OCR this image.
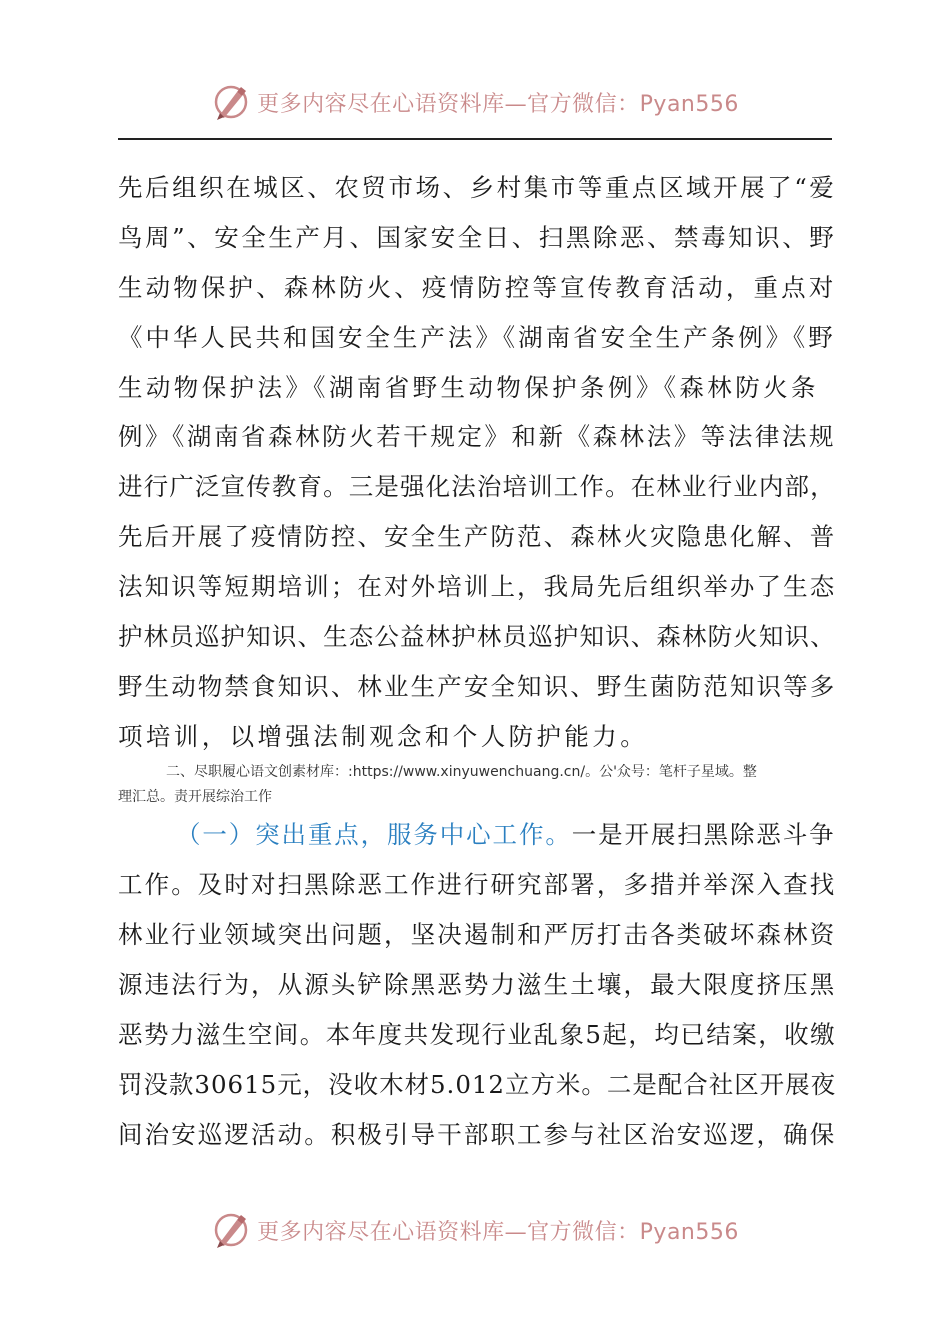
更多内容尽在心语资料库—官方微信：Pyan556
先后组织在城区、农贸市场、乡村集市等重点区域开展了“爱
鸟周”、安全生产月、国家安全日、扫黑除恶、禁毒知识、野
生动物保护、森林防火、疫情防控等宣传教育活动，重点对
《中华人民共和国安全生产法》《湖南省安全生产条例》《野
生动物保护法》《湖南省野生动物保护条例》《森林防火条
例》《湖南省森林防火若干规定》和新《森林法》等法律法规
进行广泛宣传教育。三是强化法治培训工作。在林业行业内部，
先后开展了疫情防控、安全生产防范、森林火灾隐患化解、普
法知识等短期培训；在对外培训上，我局先后组织举办了生态
护林员巡护知识、生态公益林护林员巡护知识、森林防火知识、
野生动物禁食知识、林业生产安全知识、野生菌防范知识等多
项培训，以增强法制观念和个人防护能力。
二、尽职履心语文创素材库：:https://www.xinyuwenchuang.cn/。公'众号：笔杆子星域。整
理汇总。责开展综治工作
（一）突出重点，服务中心工作。一是开展扫黑除恶斗争
工作。及时对扫黑除恶工作进行研究部署，多措并举深入查找
林业行业领域突出问题，坚决遏制和严厉打击各类破坏森林资
源违法行为，从源头铲除黑恶势力滋生土壤，最大限度挤压黑
恶势力滋生空间。本年度共发现行业乱象5起，均已结案，收缴
罚没款30615元，没收木材5.012立方米。二是配合社区开展夜
间治安巡逻活动。积极引导干部职工参与社区治安巡逻，确保
更多内容尽在心语资料库—官方微信：Pyan556
